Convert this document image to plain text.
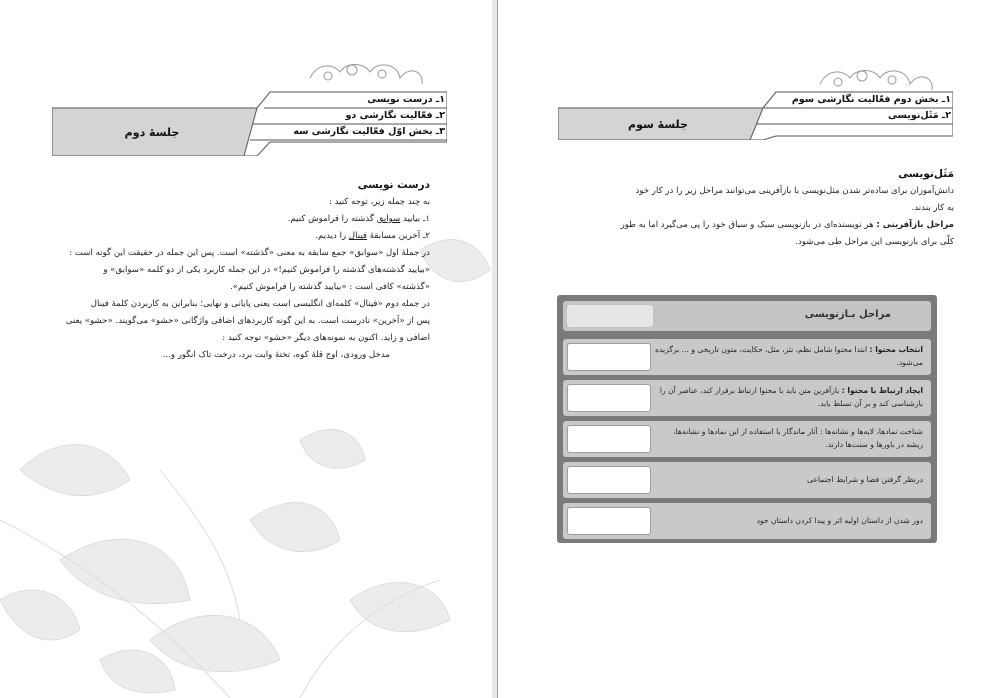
۱ـ درست نویسی
۲ـ فعّالیت نگارشی دو
۳ـ بخش اوّل فعّالیت نگارشی سه
جلسهٔ دوم

درست نویسی

به چند جمله زیر، توجه کنید :

۱ـ بیایید سوابق گذشته را فراموش کنیم.

۲ـ آخرین مسابقهٔ فینال را دیدیم.

در جملهٔ اول «سوابق» جمع سابقه به معنی «گذشته» است. پس این جمله در حقیقت این گونه است :

«بیایید گذشته‌های گذشته را فراموش کنیم!» در این جمله کاربرد یکی از دو کلمه «سوابق» و

«گذشته» کافی است : «بیایید گذشته را فراموش کنیم».

در جمله دوم «فینال» کلمه‌ای انگلیسی است یعنی پایانی و نهایی؛ بنابراین به کاربردن کلمهٔ فینال

پس از «آخرین» نادرست است. به این گونه کاربردهای اضافی واژگانی «حشو» می‌گویند. «حشو» یعنی

اضافی و زاید. اکنون به نمونه‌های دیگر «حشو» توجه کنید :

مدخل ورودی، اوج قلهٔ کوه، تختهٔ وایت برد، درخت تاک انگور و...

۱ـ بخش دوم فعّالیت نگارشی سوم
۲ـ مَثَل‌نویسی
جلسهٔ سوم

مَثَل‌نویسی

دانش‌آموزان برای ساده‌تر شدن مثل‌نویسی با بازآفرینی می‌توانند مراحل زیر را در کار خود

به کار بندند.

مراحل بازآفرینی : هر نویسنده‌ای در بازنویسی سبک و سیاق خود را پی می‌گیرد اما به طور

کلّی برای بازنویسی این مراحل طی می‌شود.

مراحل بـازنویسی
انتخاب محتوا : ابتدا محتوا شامل نظم، نثر، مثل، حکایت، متون تاریخی و ... برگزیده می‌شود.
ایجاد ارتباط با محتوا : بازآفرین متن باید با محتوا ارتباط برقرار کند، عناصر آن را بازشناسی کند و بر آن تسلط یابد.
شناخت نمادها، لایه‌ها و نشانه‌ها : آثار ماندگار با استفاده از این نمادها و نشانه‌ها، ریشه در باورها و سنت‌ها دارند.
درنظر گرفتن فضا و شرایط اجتماعی
دور شدن از داستان اولیه اثر و پیدا کردن داستان خود
